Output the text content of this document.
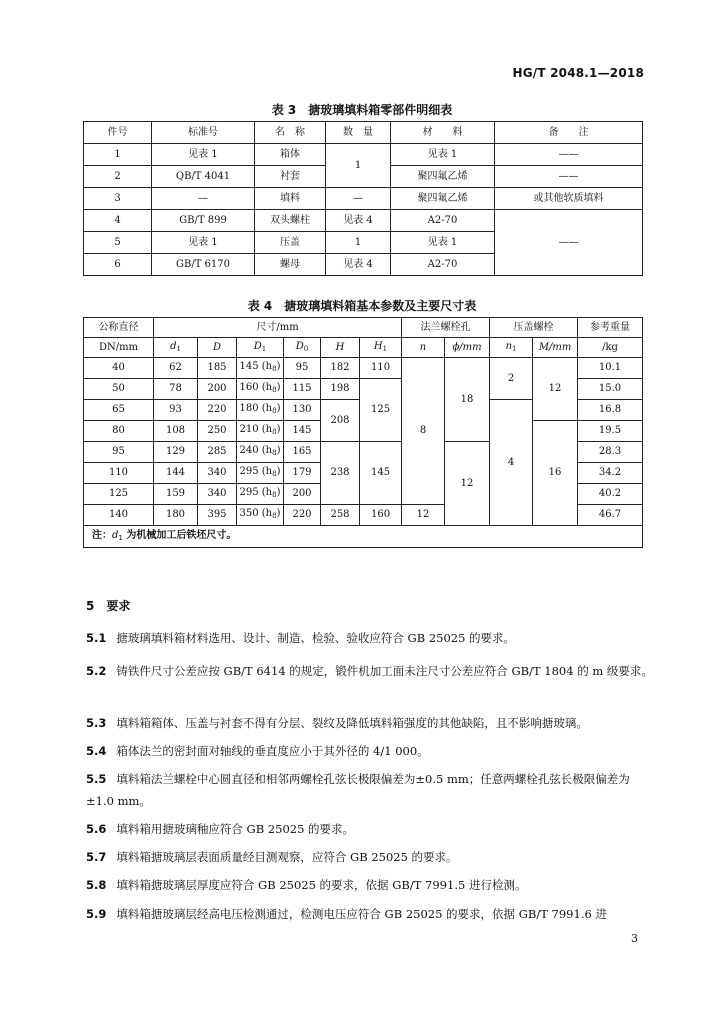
HG/T 2048.1—2018
表 3　搪玻璃填料箱零部件明细表
件号	标准号	名　称	数　量	材　　料	备　　注
1	见表 1	箱体	1	见表 1	——
2	QB/T 4041	衬套		聚四氟乙烯	——
3	—	填料	—	聚四氟乙烯	或其他软质填料
4	GB/T 899	双头螺柱	见表 4	A2-70	——
5	见表 1	压盖	1	见表 1	
6	GB/T 6170	螺母	见表 4	A2-70	
表 4　搪玻璃填料箱基本参数及主要尺寸表
公称直径	尺寸/mm						法兰螺栓孔		压盖螺栓		参考重量
DN/mm	$d_1$	D	$D_1$	$D_0$	H	$H_1$	n	ϕ/mm	$n_1$	M/mm	/kg
40	62	185	145 $(h_8)$	95	182	110	8	18	2	12	10.1
50	78	200	160 $(h_8)$	115	198	125					15.0
65	93	220	180 $(h_8)$	130	208				4		16.8
80	108	250	210 $(h_8)$	145						16	19.5
95	129	285	240 $(h_8)$	165	238	145		12			28.3
110	144	340	295 $(h_8)$	179							34.2
125	159	340	295 $(h_8)$	200							40.2
140	180	395	350 $(h_8)$	220	258	160	12				46.7
注：$d_1$ 为机械加工后铁坯尺寸。											
5 要求
5.1 搪玻璃填料箱材料选用、设计、制造、检验、验收应符合 GB 25025 的要求。
5.2 铸铁件尺寸公差应按 GB/T 6414 的规定，锻件机加工面未注尺寸公差应符合 GB/T 1804 的 m 级要求。
5.3 填料箱箱体、压盖与衬套不得有分层、裂纹及降低填料箱强度的其他缺陷，且不影响搪玻璃。
5.4 箱体法兰的密封面对轴线的垂直度应小于其外径的 4/1 000。
5.5 填料箱法兰螺栓中心圆直径和相邻两螺栓孔弦长极限偏差为±0.5 mm；任意两螺栓孔弦长极限偏差为±1.0 mm。
5.6 填料箱用搪玻璃釉应符合 GB 25025 的要求。
5.7 填料箱搪玻璃层表面质量经目测观察，应符合 GB 25025 的要求。
5.8 填料箱搪玻璃层厚度应符合 GB 25025 的要求，依据 GB/T 7991.5 进行检测。
5.9 填料箱搪玻璃层经高电压检测通过，检测电压应符合 GB 25025 的要求，依据 GB/T 7991.6 进
3
